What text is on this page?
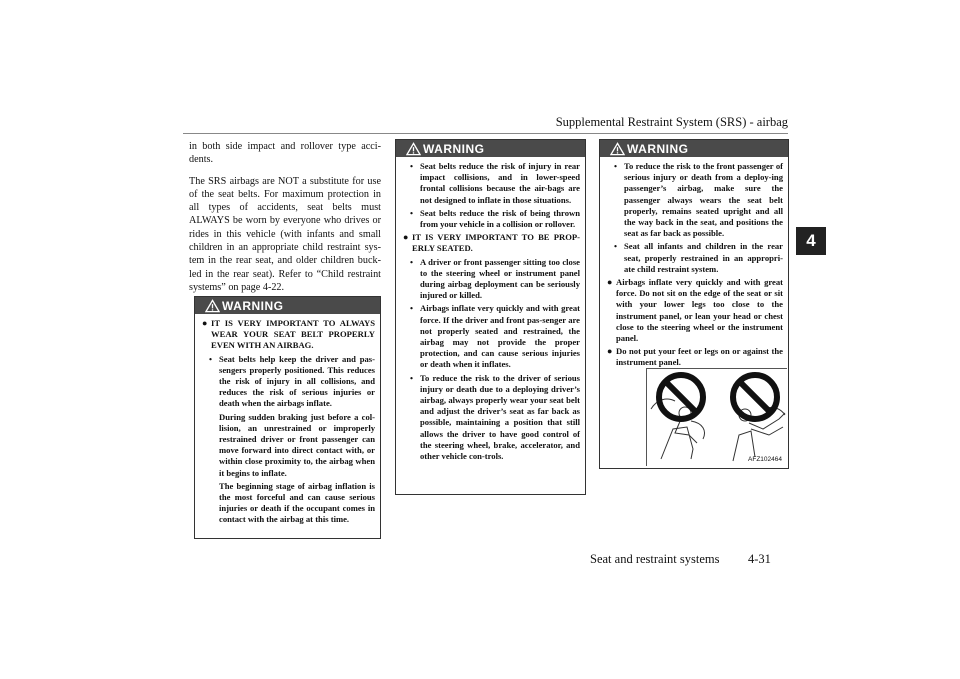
Supplemental Restraint System (SRS) - airbag
4

in both side impact and rollover type acci-dents.

The SRS airbags are NOT a substitute for use of the seat belts. For maximum protection in all types of accidents, seat belts must ALWAYS be worn by everyone who drives or rides in this vehicle (with infants and small children in an appropriate child restraint sys-tem in the rear seat, and older children buck-led in the rear seat). Refer to “Child restraint systems” on page 4-22.

WARNING
● IT IS VERY IMPORTANT TO ALWAYS WEAR YOUR SEAT BELT PROPERLY EVEN WITH AN AIRBAG.
• Seat belts help keep the driver and pas-sengers properly positioned. This reduces the risk of injury in all collisions, and reduces the risk of serious injuries or death when the airbags inflate.
During sudden braking just before a col-lision, an unrestrained or improperly restrained driver or front passenger can move forward into direct contact with, or within close proximity to, the airbag when it begins to inflate.
The beginning stage of airbag inflation is the most forceful and can cause serious injuries or death if the occupant comes in contact with the airbag at this time.
WARNING
• Seat belts reduce the risk of injury in rear impact collisions, and in lower-speed frontal collisions because the air-bags are not designed to inflate in those situations.
• Seat belts reduce the risk of being thrown from your vehicle in a collision or rollover.
● IT IS VERY IMPORTANT TO BE PROP-ERLY SEATED.
• A driver or front passenger sitting too close to the steering wheel or instrument panel during airbag deployment can be seriously injured or killed.
• Airbags inflate very quickly and with great force. If the driver and front pas-senger are not properly seated and restrained, the airbag may not provide the proper protection, and can cause serious injuries or death when it inflates.
• To reduce the risk to the driver of serious injury or death due to a deploying driver’s airbag, always properly wear your seat belt and adjust the driver’s seat as far back as possible, maintaining a position that still allows the driver to have good control of the steering wheel, brake, accelerator, and other vehicle con-trols.
WARNING
• To reduce the risk to the front passenger of serious injury or death from a deploy-ing passenger’s airbag, make sure the passenger always wears the seat belt properly, remains seated upright and all the way back in the seat, and positions the seat as far back as possible.
• Seat all infants and children in the rear seat, properly restrained in an appropri-ate child restraint system.
● Airbags inflate very quickly and with great force. Do not sit on the edge of the seat or sit with your lower legs too close to the instrument panel, or lean your head or chest close to the steering wheel or the instrument panel.
● Do not put your feet or legs on or against the instrument panel.
AFZ102464
Seat and restraint systems 4-31
